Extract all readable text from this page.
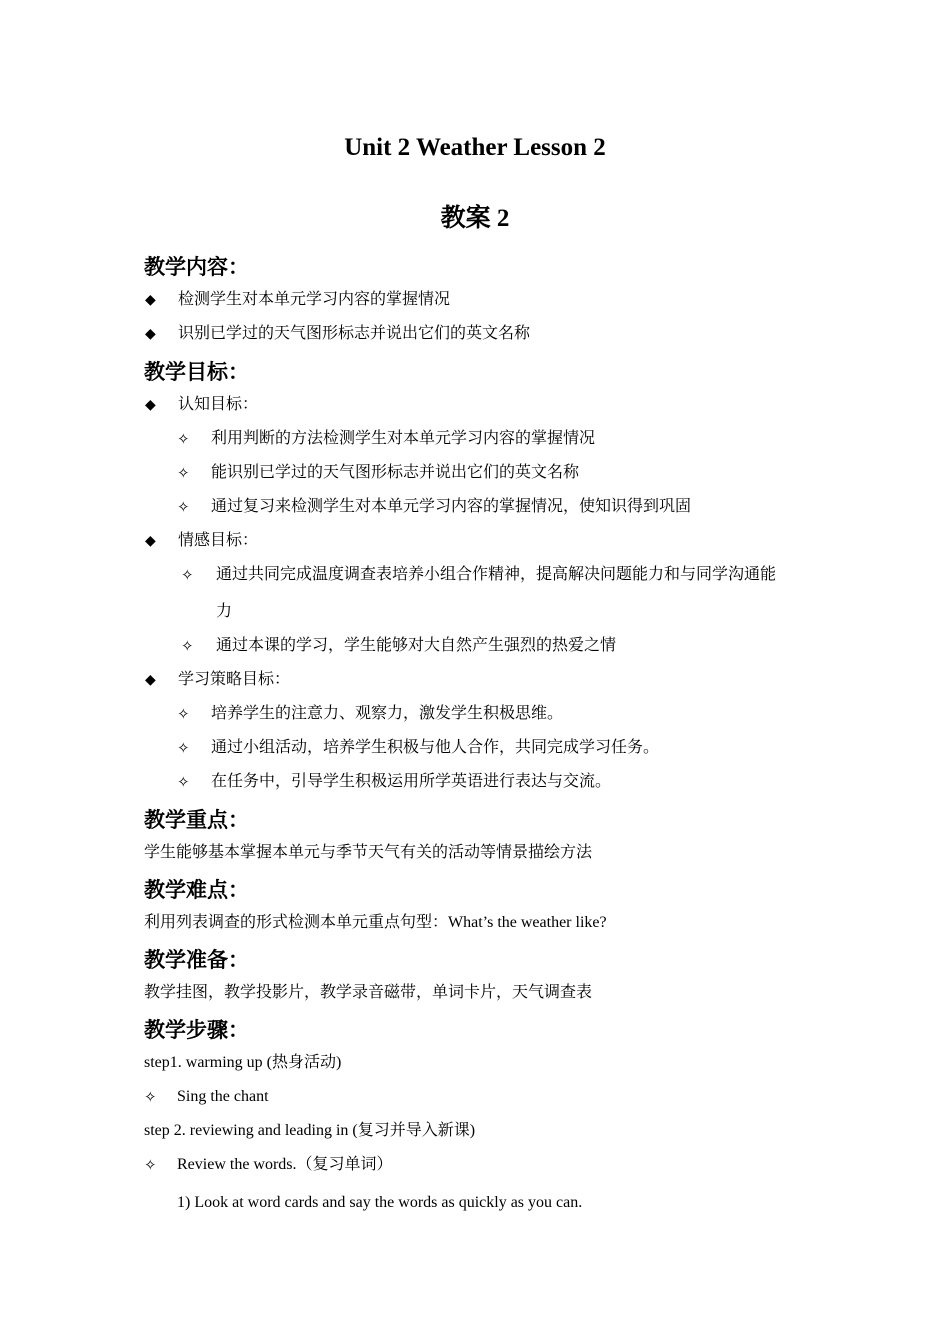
Unit 2 Weather Lesson 2
教案 2
教学内容：
◆ 检测学生对本单元学习内容的掌握情况
◆ 识别已学过的天气图形标志并说出它们的英文名称
教学目标：
◆ 认知目标：
✧ 利用判断的方法检测学生对本单元学习内容的掌握情况
✧ 能识别已学过的天气图形标志并说出它们的英文名称
✧ 通过复习来检测学生对本单元学习内容的掌握情况，使知识得到巩固
◆ 情感目标：
✧ 通过共同完成温度调查表培养小组合作精神，提高解决问题能力和与同学沟通能
力
✧ 通过本课的学习，学生能够对大自然产生强烈的热爱之情
◆ 学习策略目标：
✧ 培养学生的注意力、观察力，激发学生积极思维。
✧ 通过小组活动，培养学生积极与他人合作，共同完成学习任务。
✧ 在任务中，引导学生积极运用所学英语进行表达与交流。
教学重点：
学生能够基本掌握本单元与季节天气有关的活动等情景描绘方法
教学难点：
利用列表调查的形式检测本单元重点句型：What’s the weather like?
教学准备：
教学挂图，教学投影片，教学录音磁带，单词卡片，天气调查表
教学步骤：
step1. warming up (热身活动)
✧ Sing the chant
step 2. reviewing and leading in (复习并导入新课)
✧ Review the words.（复习单词）
1) Look at word cards and say the words as quickly as you can.
